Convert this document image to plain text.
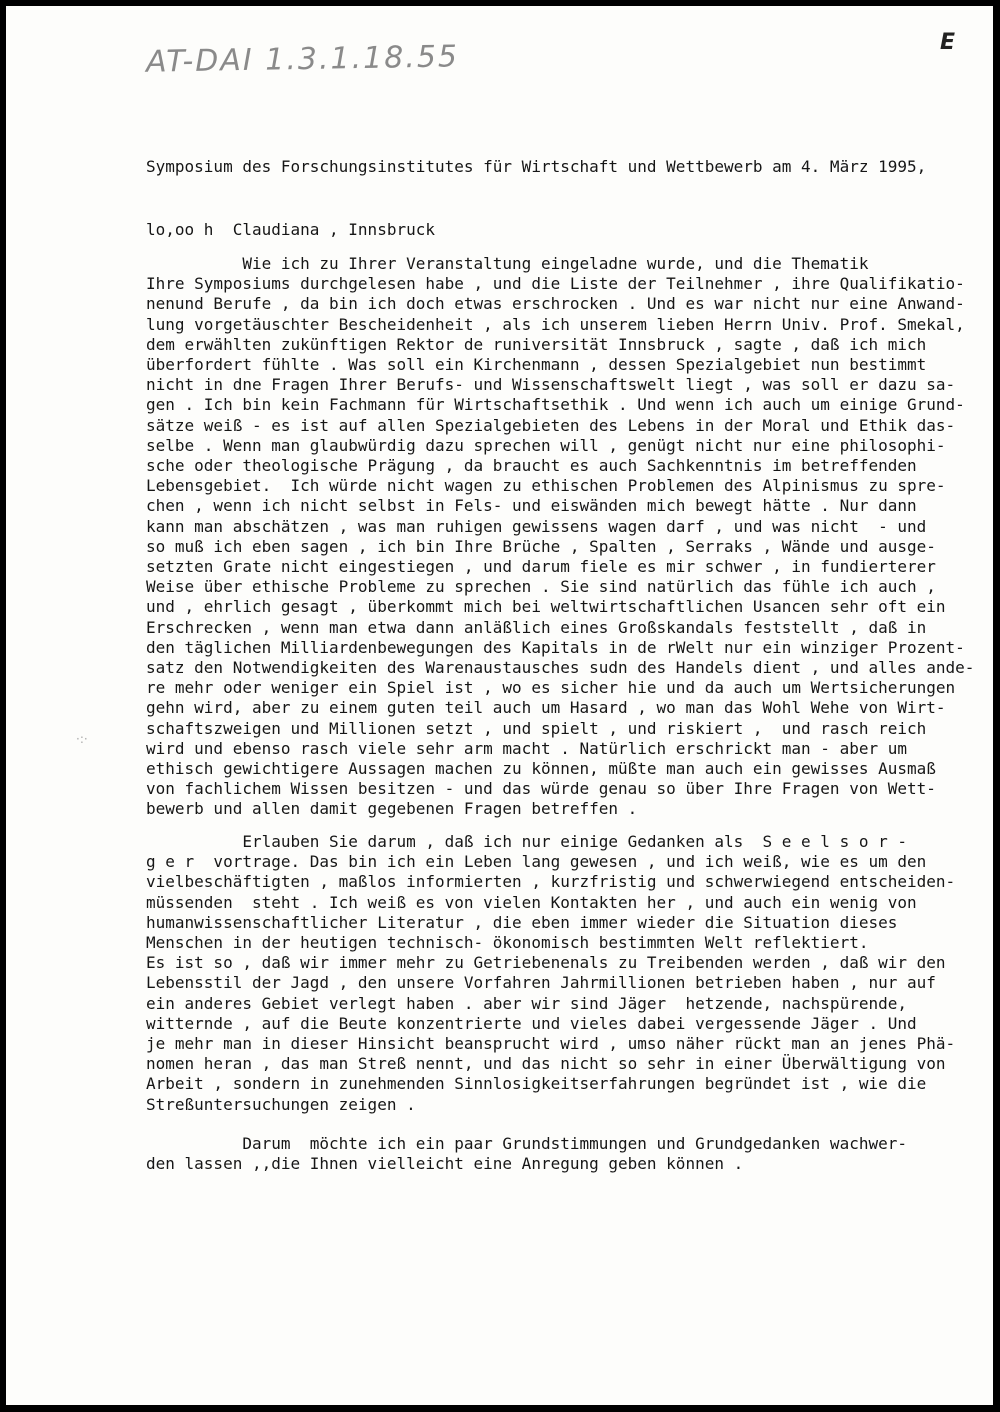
AT-DAI 1.3.1.18.55	E

Symposium des Forschungsinstitutes für Wirtschaft und Wettbewerb am 4. März 1995,

lo,oo h  Claudiana , Innsbruck

Wie ich zu Ihrer Veranstaltung eingeladne wurde, und die Thematik
Ihre Symposiums durchgelesen habe , und die Liste der Teilnehmer , ihre Qualifikatio-
nenund Berufe , da bin ich doch etwas erschrocken . Und es war nicht nur eine Anwand-
lung vorgetäuschter Bescheidenheit , als ich unserem lieben Herrn Univ. Prof. Smekal,
dem erwählten zukünftigen Rektor de runiversität Innsbruck , sagte , daß ich mich
überfordert fühlte . Was soll ein Kirchenmann , dessen Spezialgebiet nun bestimmt
nicht in dne Fragen Ihrer Berufs- und Wissenschaftswelt liegt , was soll er dazu sa-
gen . Ich bin kein Fachmann für Wirtschaftsethik . Und wenn ich auch um einige Grund-
sätze weiß - es ist auf allen Spezialgebieten des Lebens in der Moral und Ethik das-
selbe . Wenn man glaubwürdig dazu sprechen will , genügt nicht nur eine philosophi-
sche oder theologische Prägung , da braucht es auch Sachkenntnis im betreffenden
Lebensgebiet.  Ich würde nicht wagen zu ethischen Problemen des Alpinismus zu spre-
chen , wenn ich nicht selbst in Fels- und eiswänden mich bewegt hätte . Nur dann
kann man abschätzen , was man ruhigen gewissens wagen darf , und was nicht  - und
so muß ich eben sagen , ich bin Ihre Brüche , Spalten , Serraks , Wände und ausge-
setzten Grate nicht eingestiegen , und darum fiele es mir schwer , in fundierterer
Weise über ethische Probleme zu sprechen . Sie sind natürlich das fühle ich auch ,
und , ehrlich gesagt , überkommt mich bei weltwirtschaftlichen Usancen sehr oft ein
Erschrecken , wenn man etwa dann anläßlich eines Großskandals feststellt , daß in
den täglichen Milliardenbewegungen des Kapitals in de rWelt nur ein winziger Prozent-
satz den Notwendigkeiten des Warenaustausches sudn des Handels dient , und alles ande-
re mehr oder weniger ein Spiel ist , wo es sicher hie und da auch um Wertsicherungen
gehn wird, aber zu einem guten teil auch um Hasard , wo man das Wohl Wehe von Wirt-
schaftszweigen und Millionen setzt , und spielt , und riskiert ,  und rasch reich
wird und ebenso rasch viele sehr arm macht . Natürlich erschrickt man - aber um
ethisch gewichtigere Aussagen machen zu können, müßte man auch ein gewisses Ausmaß
von fachlichem Wissen besitzen - und das würde genau so über Ihre Fragen von Wett-
bewerb und allen damit gegebenen Fragen betreffen .
·:·
Erlauben Sie darum , daß ich nur einige Gedanken als  S e e l s o r -
g e r  vortrage. Das bin ich ein Leben lang gewesen , und ich weiß, wie es um den
vielbeschäftigten , maßlos informierten , kurzfristig und schwerwiegend entscheiden-
müssenden  steht . Ich weiß es von vielen Kontakten her , und auch ein wenig von
humanwissenschaftlicher Literatur , die eben immer wieder die Situation dieses
Menschen in der heutigen technisch- ökonomisch bestimmten Welt reflektiert.
Es ist so , daß wir immer mehr zu Getriebenenals zu Treibenden werden , daß wir den
Lebensstil der Jagd , den unsere Vorfahren Jahrmillionen betrieben haben , nur auf
ein anderes Gebiet verlegt haben . aber wir sind Jäger  hetzende, nachspürende,
witternde , auf die Beute konzentrierte und vieles dabei vergessende Jäger . Und
je mehr man in dieser Hinsicht beansprucht wird , umso näher rückt man an jenes Phä-
nomen heran , das man Streß nennt, und das nicht so sehr in einer Überwältigung von
Arbeit , sondern in zunehmenden Sinnlosigkeitserfahrungen begründet ist , wie die
Streßuntersuchungen zeigen .
Darum  möchte ich ein paar Grundstimmungen und Grundgedanken wachwer-
den lassen ,,die Ihnen vielleicht eine Anregung geben können .
